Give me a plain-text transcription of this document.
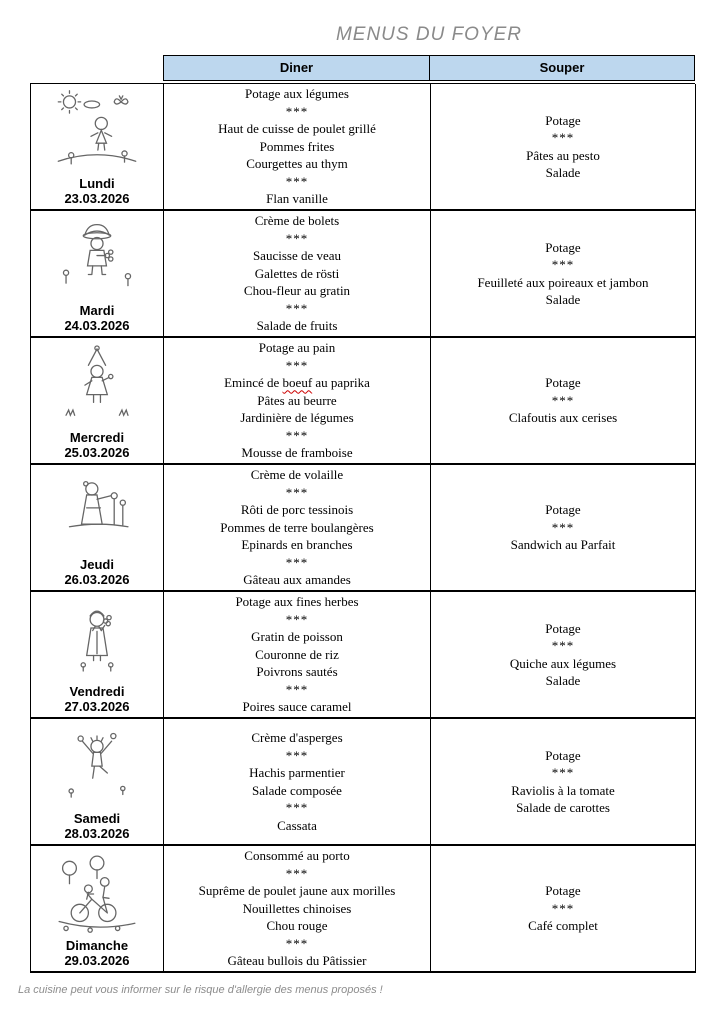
MENUS DU FOYER
Diner	Souper
Lundi
23.03.2026
Potage aux légumes
***
Haut de cuisse de poulet grillé
Pommes frites
Courgettes au thym
***
Flan vanille
Potage
***
Pâtes au pesto
Salade
Mardi
24.03.2026
Crème de bolets
***
Saucisse de veau
Galettes de rösti
Chou-fleur au gratin
***
Salade de fruits
Potage
***
Feuilleté aux poireaux et jambon
Salade
Mercredi
25.03.2026
Potage au pain
***
Emincé de boeuf au paprika
Pâtes au beurre
Jardinière de légumes
***
Mousse de framboise
Potage
***
Clafoutis aux cerises
Jeudi
26.03.2026
Crème de volaille
***
Rôti de porc tessinois
Pommes de terre boulangères
Epinards en branches
***
Gâteau aux amandes
Potage
***
Sandwich au Parfait
Vendredi
27.03.2026
Potage aux fines herbes
***
Gratin de poisson
Couronne de riz
Poivrons sautés
***
Poires sauce caramel
Potage
***
Quiche aux légumes
Salade
Samedi
28.03.2026
Crème d'asperges
***
Hachis parmentier
Salade composée
***
Cassata
Potage
***
Raviolis à la tomate
Salade de carottes
Dimanche
29.03.2026
Consommé au porto
***
Suprême de poulet jaune aux morilles
Nouillettes chinoises
Chou rouge
***
Gâteau bullois du Pâtissier
Potage
***
Café complet
La cuisine peut vous informer sur le risque d'allergie des menus proposés !
